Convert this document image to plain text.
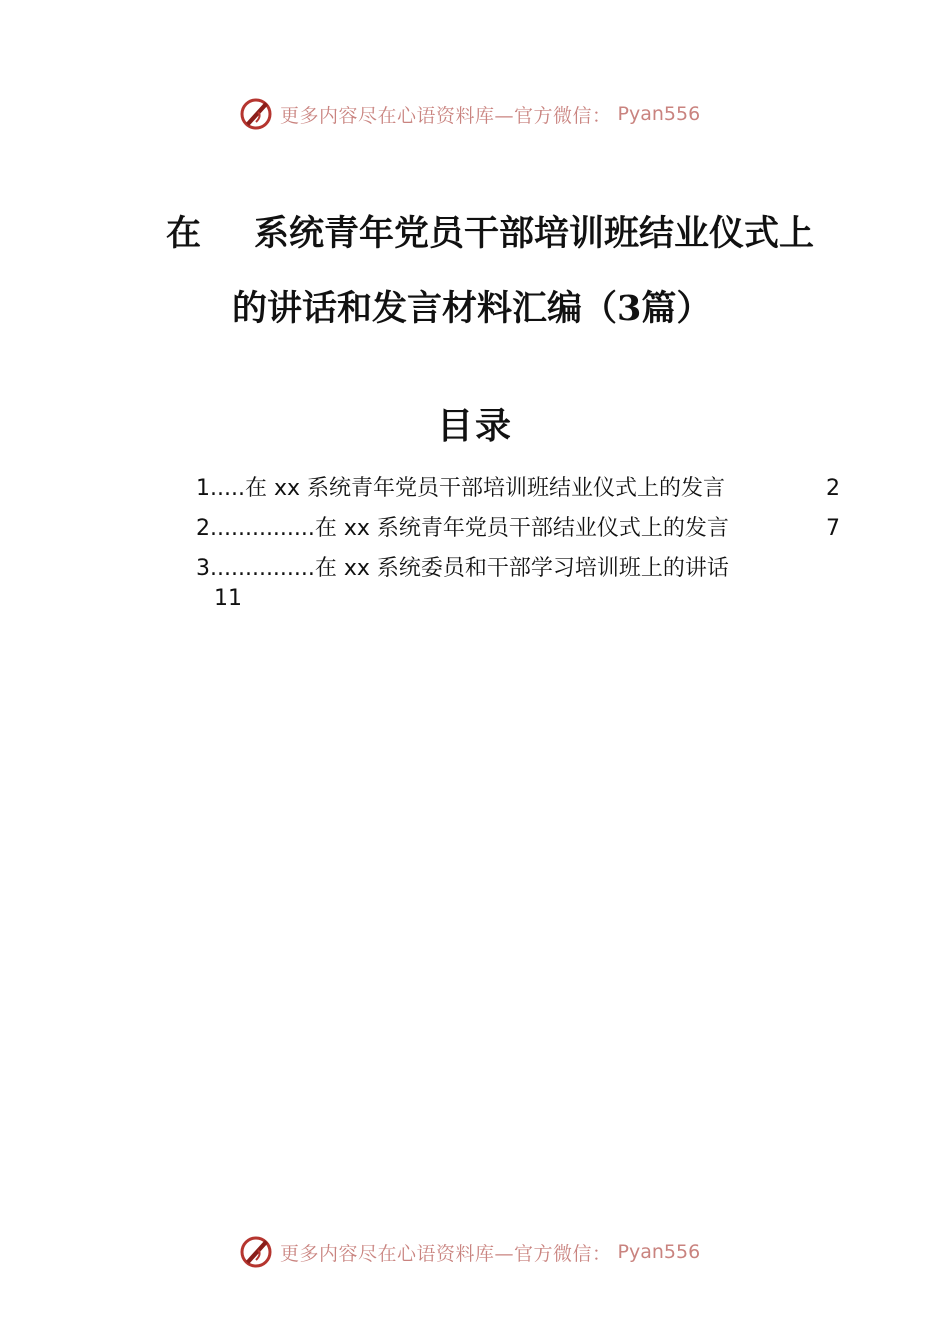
更多内容尽在心语资料库—官方微信： Pyan556
在 系统青年党员干部培训班结业仪式上
的讲话和发言材料汇编（3篇）
目录
1.....在 xx 系统青年党员干部培训班结业仪式上的发言	2
2...............在 xx 系统青年党员干部结业仪式上的发言	7
3...............在 xx 系统委员和干部学习培训班上的讲话
11
更多内容尽在心语资料库—官方微信： Pyan556
